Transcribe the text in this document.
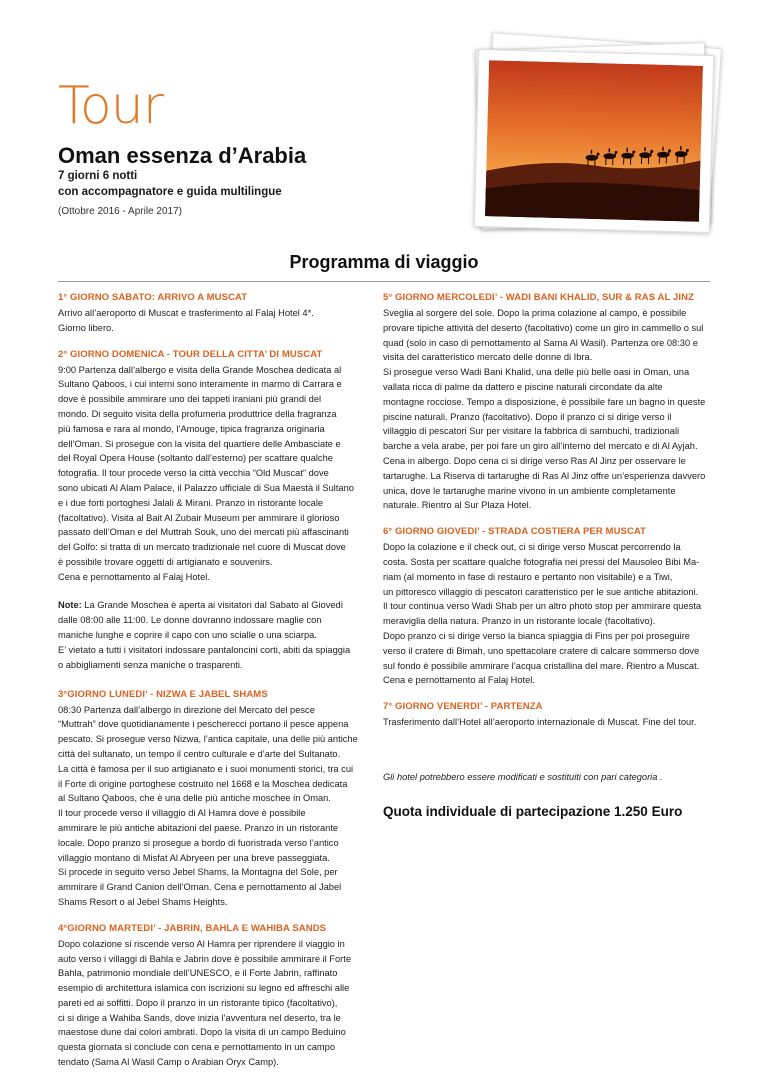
Tour
Oman essenza d’Arabia
7 giorni 6 notti
con accompagnatore e guida multilingue
(Ottobre 2016 - Aprile 2017)
Programma di viaggio
1° GIORNO SABATO: ARRIVO A MUSCAT
Arrivo all’aeroporto di Muscat e trasferimento al Falaj Hotel 4*.
Giorno libero.
2° GIORNO DOMENICA - TOUR DELLA CITTA’ DI MUSCAT
9:00 Partenza dall’albergo e visita della Grande Moschea dedicata al
Sultano Qaboos, i cui interni sono interamente in marmo di Carrara e
dove è possibile ammirare uno dei tappeti iraniani più grandi del
mondo. Di seguito visita della profumeria produttrice della fragranza
più famosa e rara al mondo, l’Amouge, tipica fragranza originaria
dell’Oman. Si prosegue con la visita del quartiere delle Ambasciate e
del Royal Opera House (soltanto dall’esterno) per scattare qualche
fotografia. Il tour procede verso la città vecchia “Old Muscat” dove
sono ubicati Al Alam Palace, il Palazzo ufficiale di Sua Maestà il Sultano
e i due forti portoghesi Jalali & Mirani. Pranzo in ristorante locale
(facoltativo). Visita al Bait Al Zubair Museum per ammirare il glorioso
passato dell’Oman e del Muttrah Souk, uno dei mercati più affascinanti
del Golfo: si tratta di un mercato tradizionale nel cuore di Muscat dove
è possibile trovare oggetti di artigianato e souvenirs.
Cena e pernottamento al Falaj Hotel.
Note: La Grande Moschea è aperta ai visitatori dal Sabato al Giovedì
dalle 08:00 alle 11:00. Le donne dovranno indossare maglie con
maniche lunghe e coprire il capo con uno scialle o una sciarpa.
E’ vietato a tutti i visitatori indossare pantaloncini corti, abiti da spiaggia
o abbigliamenti senza maniche o trasparenti.
3°GIORNO LUNEDI’ - NIZWA E JABEL SHAMS
08:30 Partenza dall’albergo in direzione del Mercato del pesce
“Muttrah” dove quotidianamente i pescherecci portano il pesce appena
pescato. Si prosegue verso Nizwa, l’antica capitale, una delle più antiche
città del sultanato, un tempo il centro culturale e d’arte del Sultanato.
La città è famosa per il suo artigianato e i suoi monumenti storici, tra cui
il Forte di origine portoghese costruito nel 1668 e la Moschea dedicata
al Sultano Qaboos, che è una delle più antiche moschee in Oman.
Il tour procede verso il villaggio di Al Hamra dove è possibile
ammirare le più antiche abitazioni del paese. Pranzo in un ristorante
locale. Dopo pranzo si prosegue a bordo di fuoristrada verso l’antico
villaggio montano di Misfat Al Abryeen per una breve passeggiata.
Si procede in seguito verso Jebel Shams, la Montagna del Sole, per
ammirare il Grand Canion dell’Oman. Cena e pernottamento al Jabel
Shams Resort o al Jebel Shams Heights.
4°GIORNO MARTEDI’ - JABRIN, BAHLA E WAHIBA SANDS
Dopo colazione si riscende verso Al Hamra per riprendere il viaggio in
auto verso i villaggi di Bahla e Jabrin dove è possibile ammirare il Forte
Bahla, patrimonio mondiale dell’UNESCO, e il Forte Jabrin, raffinato
esempio di architettura islamica con iscrizioni su legno ed affreschi alle
pareti ed ai soffitti. Dopo il pranzo in un ristorante tipico (facoltativo),
ci si dirige a Wahiba Sands, dove inizia l’avventura nel deserto, tra le
maestose dune dai colori ambrati. Dopo la visita di un campo Beduino
questa giornata si conclude con cena e pernottamento in un campo
tendato (Sama Al Wasil Camp o Arabian Oryx Camp).
5° GIORNO MERCOLEDI’ - WADI BANI KHALID, SUR & RAS AL JINZ
Sveglia al sorgere del sole. Dopo la prima colazione al campo, è possibile
provare tipiche attività del deserto (facoltativo) come un giro in cammello o sul
quad (solo in caso di pernottamento al Sama Al Wasil). Partenza ore 08:30 e
visita del caratteristico mercato delle donne di Ibra.
Si prosegue verso Wadi Bani Khalid, una delle più belle oasi in Oman, una
vallata ricca di palme da dattero e piscine naturali circondate da alte
montagne rocciose. Tempo a disposizione, è possibile fare un bagno in queste
piscine naturali. Pranzo (facoltativo). Dopo il pranzo ci si dirige verso il
villaggio di pescatori Sur per visitare la fabbrica di sambuchi, tradizionali
barche a vela arabe, per poi fare un giro all’interno del mercato e di Al Ayjah.
Cena in albergo. Dopo cena ci si dirige verso Ras Al Jinz per osservare le
tartarughe. La Riserva di tartarughe di Ras Al Jinz offre un’esperienza davvero
unica, dove le tartarughe marine vivono in un ambiente completamente
naturale. Rientro al Sur Plaza Hotel.
6° GIORNO GIOVEDI’ - STRADA COSTIERA PER MUSCAT
Dopo la colazione e il check out, ci si dirige verso Muscat percorrendo la
costa. Sosta per scattare qualche fotografia nei pressi del Mausoleo Bibi Ma-
riam (al momento in fase di restauro e pertanto non visitabile) e a Tiwi,
un pittoresco villaggio di pescatori caratteristico per le sue antiche abitazioni.
Il tour continua verso Wadi Shab per un altro photo stop per ammirare questa
meraviglia della natura. Pranzo in un ristorante locale (facoltativo).
Dopo pranzo ci si dirige verso la bianca spiaggia di Fins per poi proseguire
verso il cratere di Bimah, uno spettacolare cratere di calcare sommerso dove
sul fondo è possibile ammirare l’acqua cristallina del mare. Rientro a Muscat.
Cena e pernottamento al Falaj Hotel.
7° GIORNO VENERDI’ - PARTENZA
Trasferimento dall’Hotel all’aeroporto internazionale di Muscat. Fine del tour.
Gli hotel potrebbero essere modificati e sostituiti con pari categoria .
Quota individuale di partecipazione 1.250 Euro
